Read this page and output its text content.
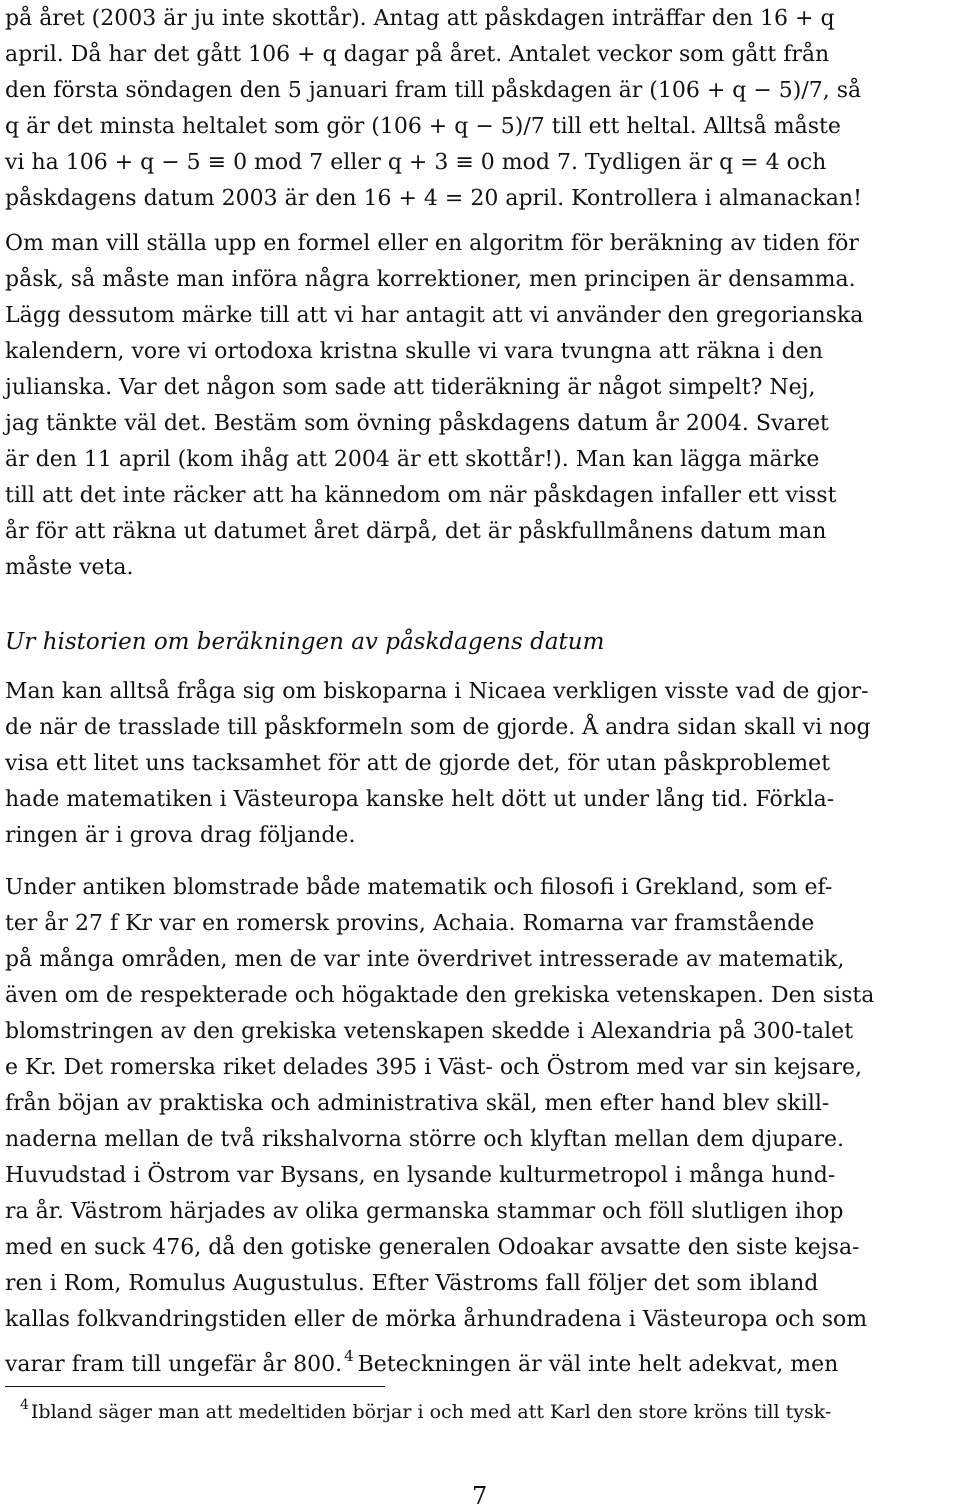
på året (2003 är ju inte skottår). Antag att påskdagen inträffar den 16 + q
april. Då har det gått 106 + q dagar på året. Antalet veckor som gått från
den första söndagen den 5 januari fram till påskdagen är (106 + q − 5)/7, så
q är det minsta heltalet som gör (106 + q − 5)/7 till ett heltal. Alltså måste
vi ha 106 + q − 5 ≡ 0 mod 7 eller q + 3 ≡ 0 mod 7. Tydligen är q = 4 och
påskdagens datum 2003 är den 16 + 4 = 20 april. Kontrollera i almanackan!
Om man vill ställa upp en formel eller en algoritm för beräkning av tiden för
påsk, så måste man införa några korrektioner, men principen är densamma.
Lägg dessutom märke till att vi har antagit att vi använder den gregorianska
kalendern, vore vi ortodoxa kristna skulle vi vara tvungna att räkna i den
julianska. Var det någon som sade att tideräkning är något simpelt? Nej,
jag tänkte väl det. Bestäm som övning påskdagens datum år 2004. Svaret
är den 11 april (kom ihåg att 2004 är ett skottår!). Man kan lägga märke
till att det inte räcker att ha kännedom om när påskdagen infaller ett visst
år för att räkna ut datumet året därpå, det är påskfullmånens datum man
måste veta.
Ur historien om beräkningen av påskdagens datum
Man kan alltså fråga sig om biskoparna i Nicaea verkligen visste vad de gjor-
de när de trasslade till påskformeln som de gjorde. Å andra sidan skall vi nog
visa ett litet uns tacksamhet för att de gjorde det, för utan påskproblemet
hade matematiken i Västeuropa kanske helt dött ut under lång tid. Förkla-
ringen är i grova drag följande.
Under antiken blomstrade både matematik och filosofi i Grekland, som ef-
ter år 27 f Kr var en romersk provins, Achaia. Romarna var framstående
på många områden, men de var inte överdrivet intresserade av matematik,
även om de respekterade och högaktade den grekiska vetenskapen. Den sista
blomstringen av den grekiska vetenskapen skedde i Alexandria på 300-talet
e Kr. Det romerska riket delades 395 i Väst- och Östrom med var sin kejsare,
från böjan av praktiska och administrativa skäl, men efter hand blev skill-
naderna mellan de två rikshalvorna större och klyftan mellan dem djupare.
Huvudstad i Östrom var Bysans, en lysande kulturmetropol i många hund-
ra år. Västrom härjades av olika germanska stammar och föll slutligen ihop
med en suck 476, då den gotiske generalen Odoakar avsatte den siste kejsa-
ren i Rom, Romulus Augustulus. Efter Västroms fall följer det som ibland
kallas folkvandringstiden eller de mörka århundradena i Västeuropa och som
varar fram till ungefär år 800. $^4$ Beteckningen är väl inte helt adekvat, men
$^4$ Ibland säger man att medeltiden börjar i och med att Karl den store kröns till tysk-
7
